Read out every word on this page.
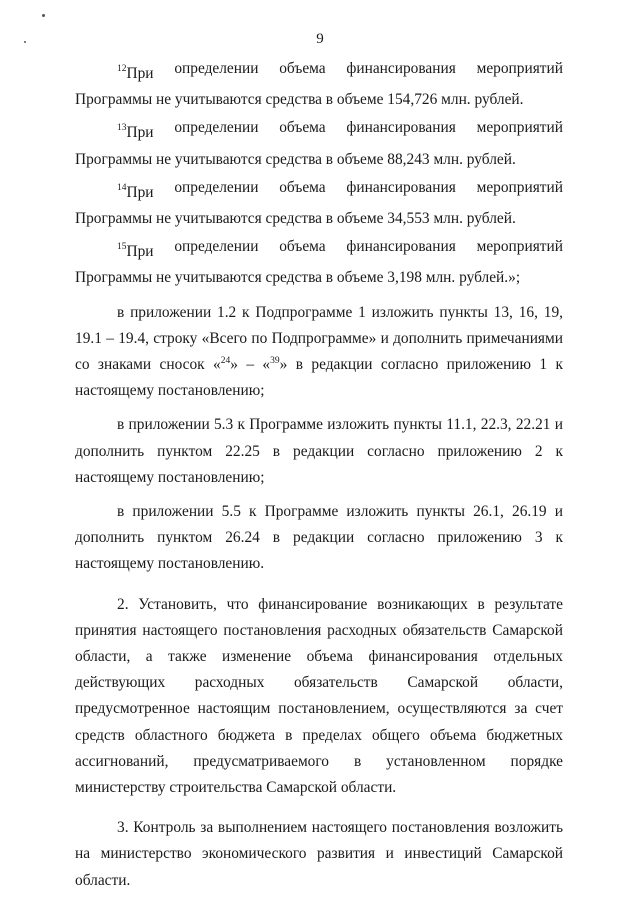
9
$^{12}$При определении объема финансирования мероприятий

Программы не учитываются средства в объеме 154,726 млн. рублей.

$^{13}$При определении объема финансирования мероприятий

Программы не учитываются средства в объеме 88,243 млн. рублей.

$^{14}$При определении объема финансирования мероприятий

Программы не учитываются средства в объеме 34,553 млн. рублей.

$^{15}$При определении объема финансирования мероприятий

Программы не учитываются средства в объеме 3,198 млн. рублей.»;

в приложении 1.2 к Подпрограмме 1 изложить пункты 13, 16, 19, 19.1 – 19.4, строку «Всего по Подпрограмме» и дополнить примечаниями со знаками сносок «$^{24}$» – «$^{39}$» в редакции согласно приложению 1 к настоящему постановлению;

в приложении 5.3 к Программе изложить пункты 11.1, 22.3, 22.21 и дополнить пунктом 22.25 в редакции согласно приложению 2 к настоящему постановлению;

в приложении 5.5 к Программе изложить пункты 26.1, 26.19 и дополнить пунктом 26.24 в редакции согласно приложению 3 к настоящему постановлению.

2. Установить, что финансирование возникающих в результате принятия настоящего постановления расходных обязательств Самарской области, а также изменение объема финансирования отдельных действующих расходных обязательств Самарской области, предусмотренное настоящим постановлением, осуществляются за счет средств областного бюджета в пределах общего объема бюджетных ассигнований, предусматриваемого в установленном порядке министерству строительства Самарской области.

3. Контроль за выполнением настоящего постановления возложить на министерство экономического развития и инвестиций Самарской области.
